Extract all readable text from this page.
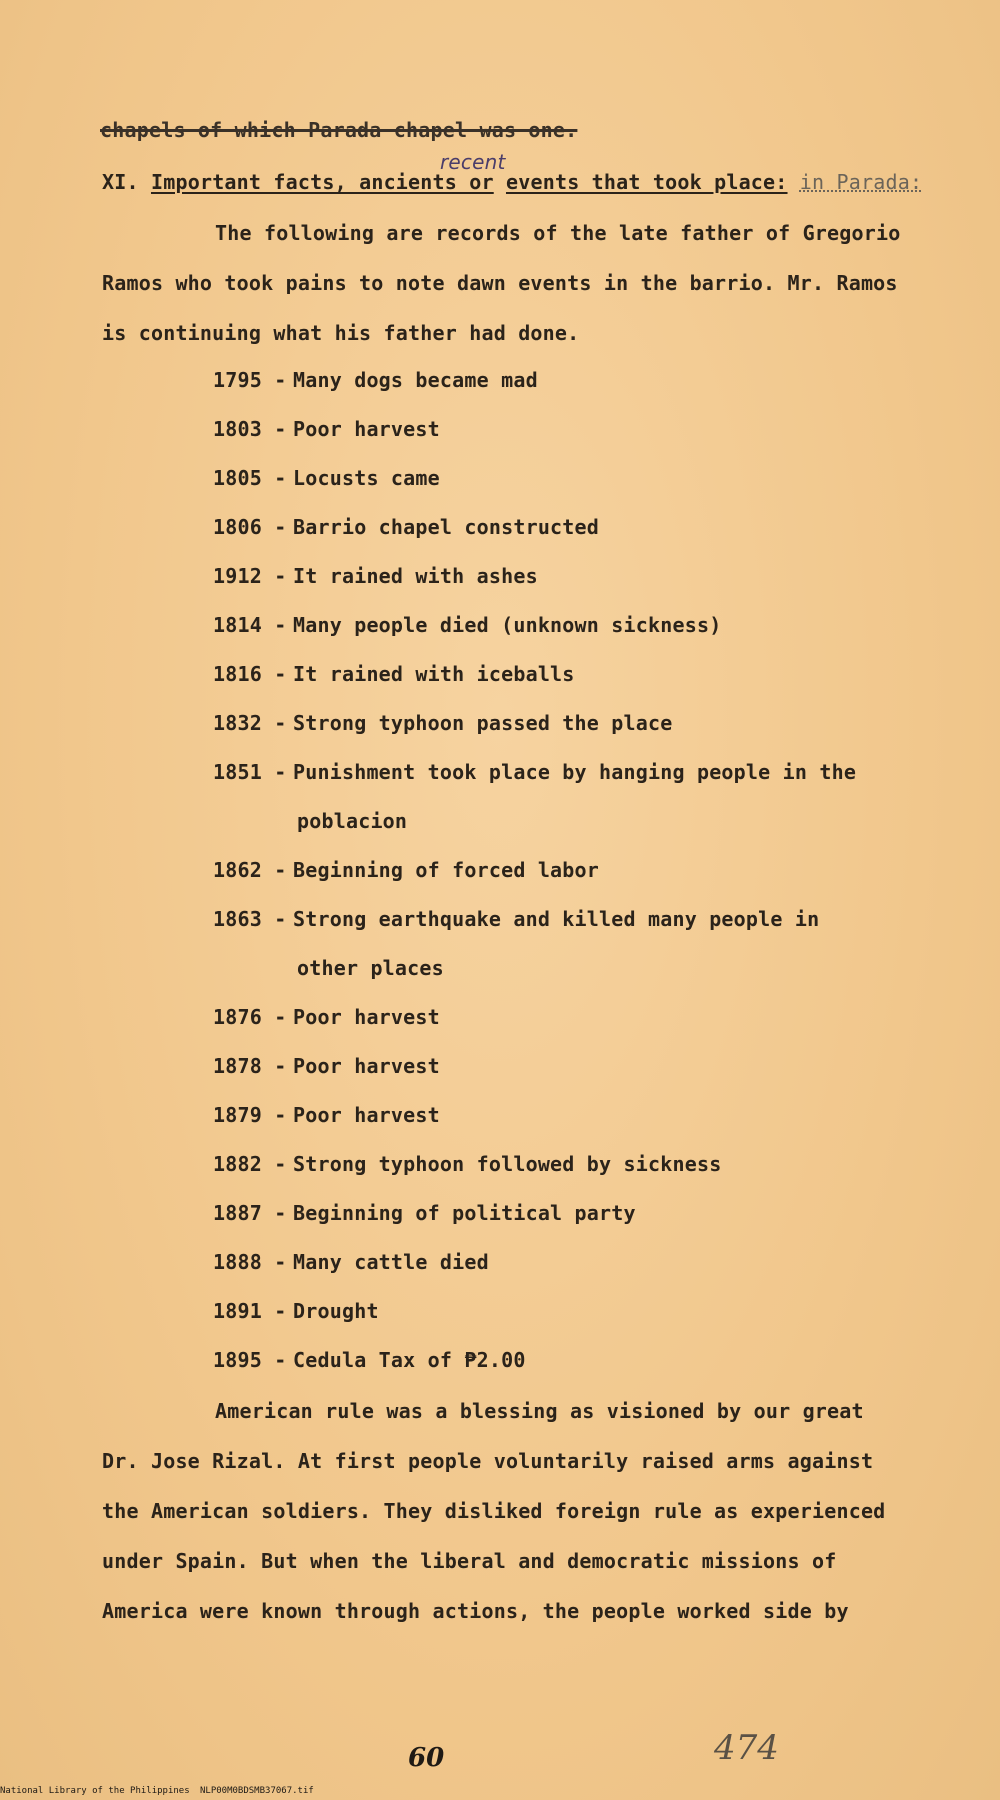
chapels of which Parada chapel was one.
recent
XI. Important facts, ancients or events that took place: in Parada:
The following are records of the late father of Gregorio
Ramos who took pains to note dawn events in the barrio. Mr. Ramos
is continuing what his father had done.
1795 - Many dogs became mad
1803 - Poor harvest
1805 - Locusts came
1806 - Barrio chapel constructed
1912 - It rained with ashes
1814 - Many people died (unknown sickness)
1816 - It rained with iceballs
1832 - Strong typhoon passed the place
1851 - Punishment took place by hanging people in the
poblacion
1862 - Beginning of forced labor
1863 - Strong earthquake and killed many people in
other places
1876 - Poor harvest
1878 - Poor harvest
1879 - Poor harvest
1882 - Strong typhoon followed by sickness
1887 - Beginning of political party
1888 - Many cattle died
1891 - Drought
1895 - Cedula Tax of ₱2.00
American rule was a blessing as visioned by our great
Dr. Jose Rizal. At first people voluntarily raised arms against
the American soldiers. They disliked foreign rule as experienced
under Spain. But when the liberal and democratic missions of
America were known through actions, the people worked side by
60	474
National Library of the Philippines NLP00M0BDSMB37067.tif
